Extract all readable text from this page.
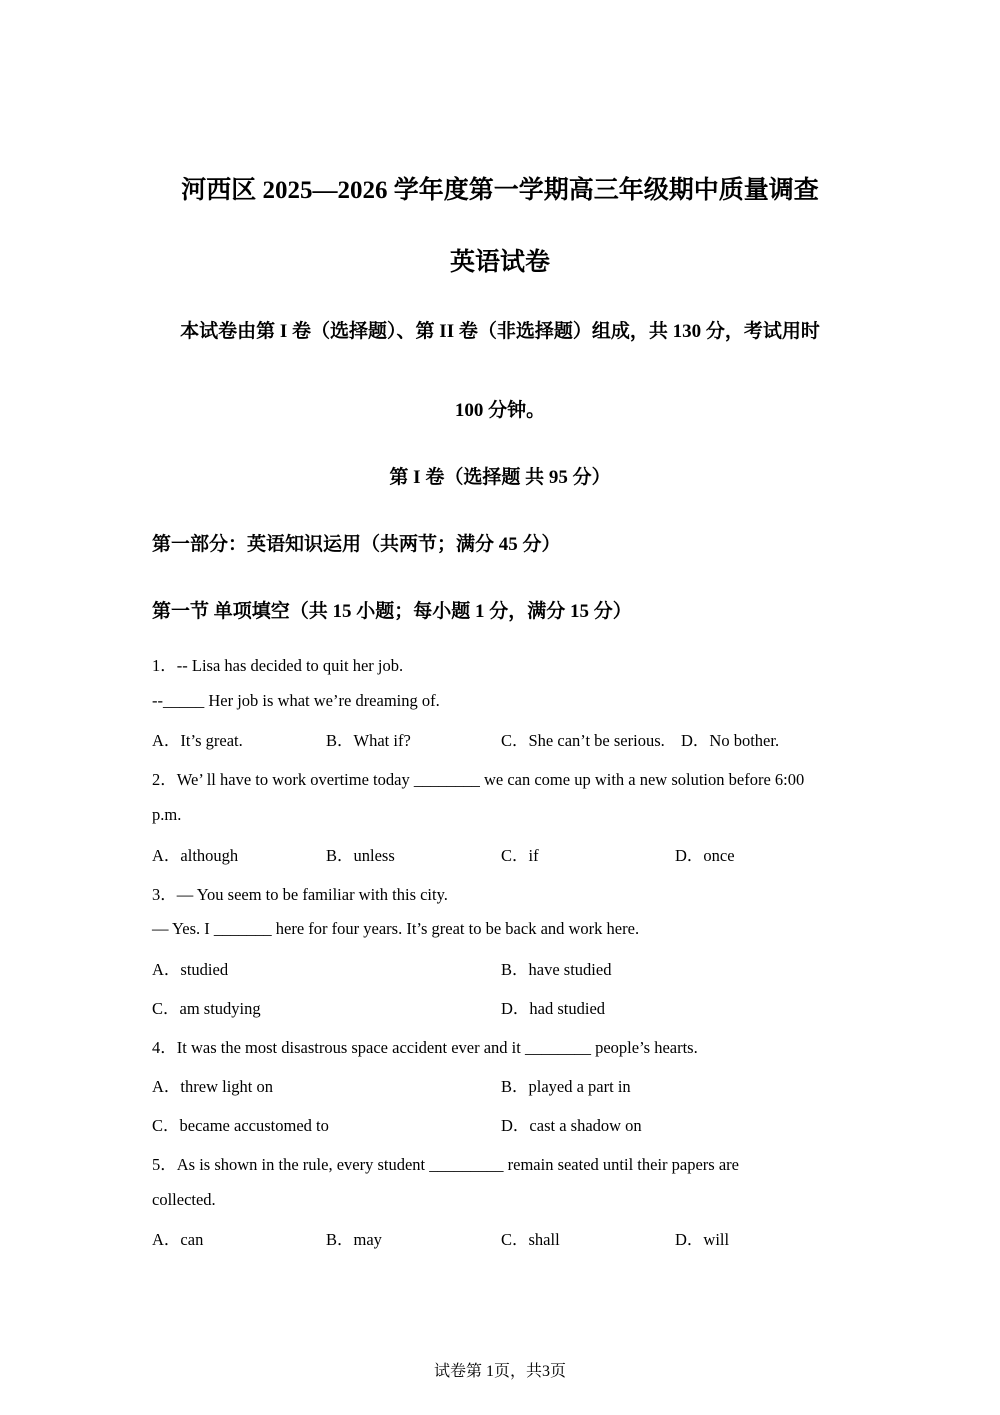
河西区 2025—2026 学年度第一学期高三年级期中质量调查
英语试卷
本试卷由第 I 卷（选择题）、第 II 卷（非选择题）组成，共 130 分，考试用时
100 分钟。
第 I 卷（选择题 共 95 分）
第一部分：英语知识运用（共两节；满分 45 分）
第一节 单项填空（共 15 小题；每小题 1 分，满分 15 分）
1．-- Lisa has decided to quit her job.
--_____ Her job is what we’re dreaming of.
A．It’s great.	B．What if?	C．She can’t be serious. D．No bother.
2．We’ ll have to work overtime today ________ we can come up with a new solution before 6:00
p.m.
A．although	B．unless	C．if	D．once
3．— You seem to be familiar with this city.
— Yes. I _______ here for four years. It’s great to be back and work here.
A．studied	B．have studied
C．am studying	D．had studied
4．It was the most disastrous space accident ever and it ________ people’s hearts.
A．threw light on	B．played a part in
C．became accustomed to	D．cast a shadow on
5．As is shown in the rule, every student _________ remain seated until their papers are
collected.
A．can	B．may	C．shall	D．will
试卷第 1页，共3页
